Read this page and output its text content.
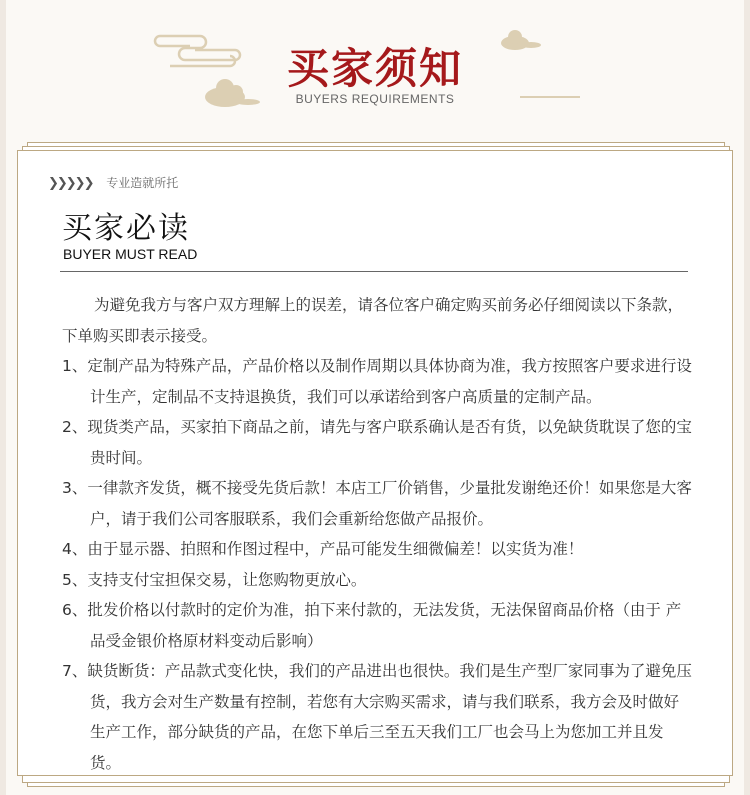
买家须知
BUYERS REQUIREMENTS
❯❯❯❯❯ 专业造就所托
买家必读
BUYER MUST READ

为避免我方与客户双方理解上的误差，请各位客户确定购买前务必仔细阅读以下条款，下单购买即表示接受。

1、定制产品为特殊产品，产品价格以及制作周期以具体协商为准，我方按照客户要求进行设计生产，定制品不支持退换货，我们可以承诺给到客户高质量的定制产品。

2、现货类产品，买家拍下商品之前，请先与客户联系确认是否有货，以免缺货耽误了您的宝贵时间。

3、一律款齐发货，概不接受先货后款！本店工厂价销售，少量批发谢绝还价！如果您是大客户，请于我们公司客服联系，我们会重新给您做产品报价。

4、由于显示器、拍照和作图过程中，产品可能发生细微偏差！以实货为准！

5、支持支付宝担保交易，让您购物更放心。

6、批发价格以付款时的定价为准，拍下来付款的，无法发货，无法保留商品价格（由于 产品受金银价格原材料变动后影响）

7、缺货断货：产品款式变化快，我们的产品进出也很快。我们是生产型厂家同事为了避免压货，我方会对生产数量有控制，若您有大宗购买需求，请与我们联系，我方会及时做好生产工作，部分缺货的产品，在您下单后三至五天我们工厂也会马上为您加工并且发货。
